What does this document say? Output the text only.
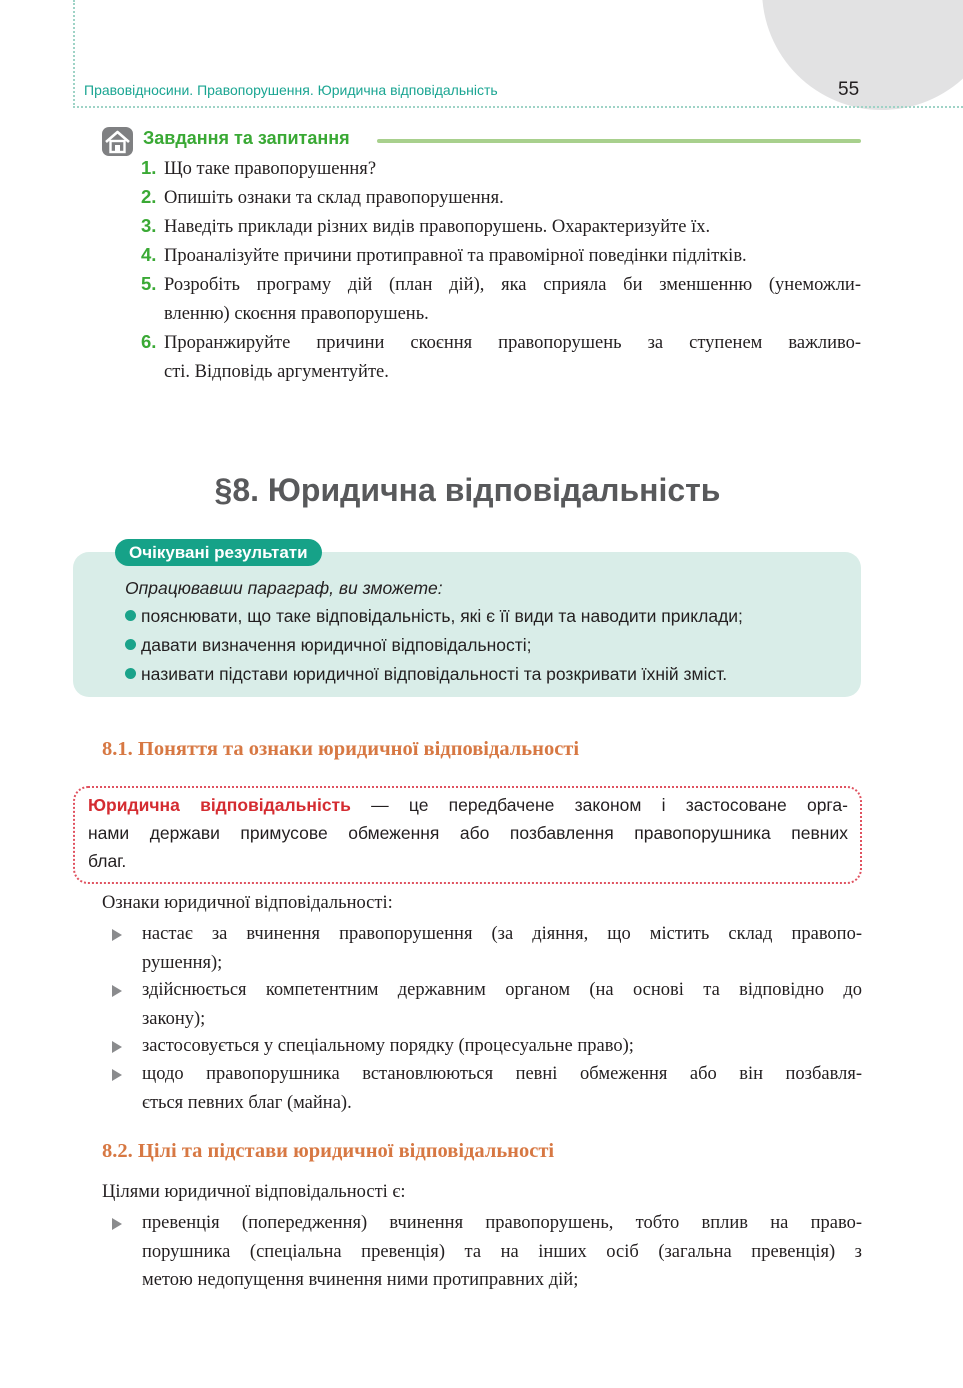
Правовідносини. Правопорушення. Юридична відповідальність	55
Завдання та запитання
1. Що таке правопорушення?
2. Опишіть ознаки та склад правопорушення.
3. Наведіть приклади різних видів правопорушень. Охарактеризуйте їх.
4. Проаналізуйте причини протиправної та правомірної поведінки підлітків.
5. Розробіть програму дій (план дій), яка сприяла би зменшенню (унеможли-
вленню) скоєння правопорушень.
6. Проранжируйте причини скоєння правопорушень за ступенем важливо-
сті. Відповідь аргументуйте.
§8. Юридична відповідальність
Очікувані результати
Опрацювавши параграф, ви зможете:
пояснювати, що таке відповідальність, які є її види та наводити приклади;
давати визначення юридичної відповідальності;
називати підстави юридичної відповідальності та розкривати їхній зміст.
8.1. Поняття та ознаки юридичної відповідальності
Юридична відповідальність — це передбачене законом і застосоване орга-
нами держави примусове обмеження або позбавлення правопорушника певних
благ.
Ознаки юридичної відповідальності:
настає за вчинення правопорушення (за діяння, що містить склад правопо-
рушення);
здійснюється компетентним державним органом (на основі та відповідно до
закону);
застосовується у спеціальному порядку (процесуальне право);
щодо правопорушника встановлюються певні обмеження або він позбавля-
ється певних благ (майна).
8.2. Цілі та підстави юридичної відповідальності
Цілями юридичної відповідальності є:
превенція (попередження) вчинення правопорушень, тобто вплив на право-
порушника (спеціальна превенція) та на інших осіб (загальна превенція) з
метою недопущення вчинення ними протиправних дій;
